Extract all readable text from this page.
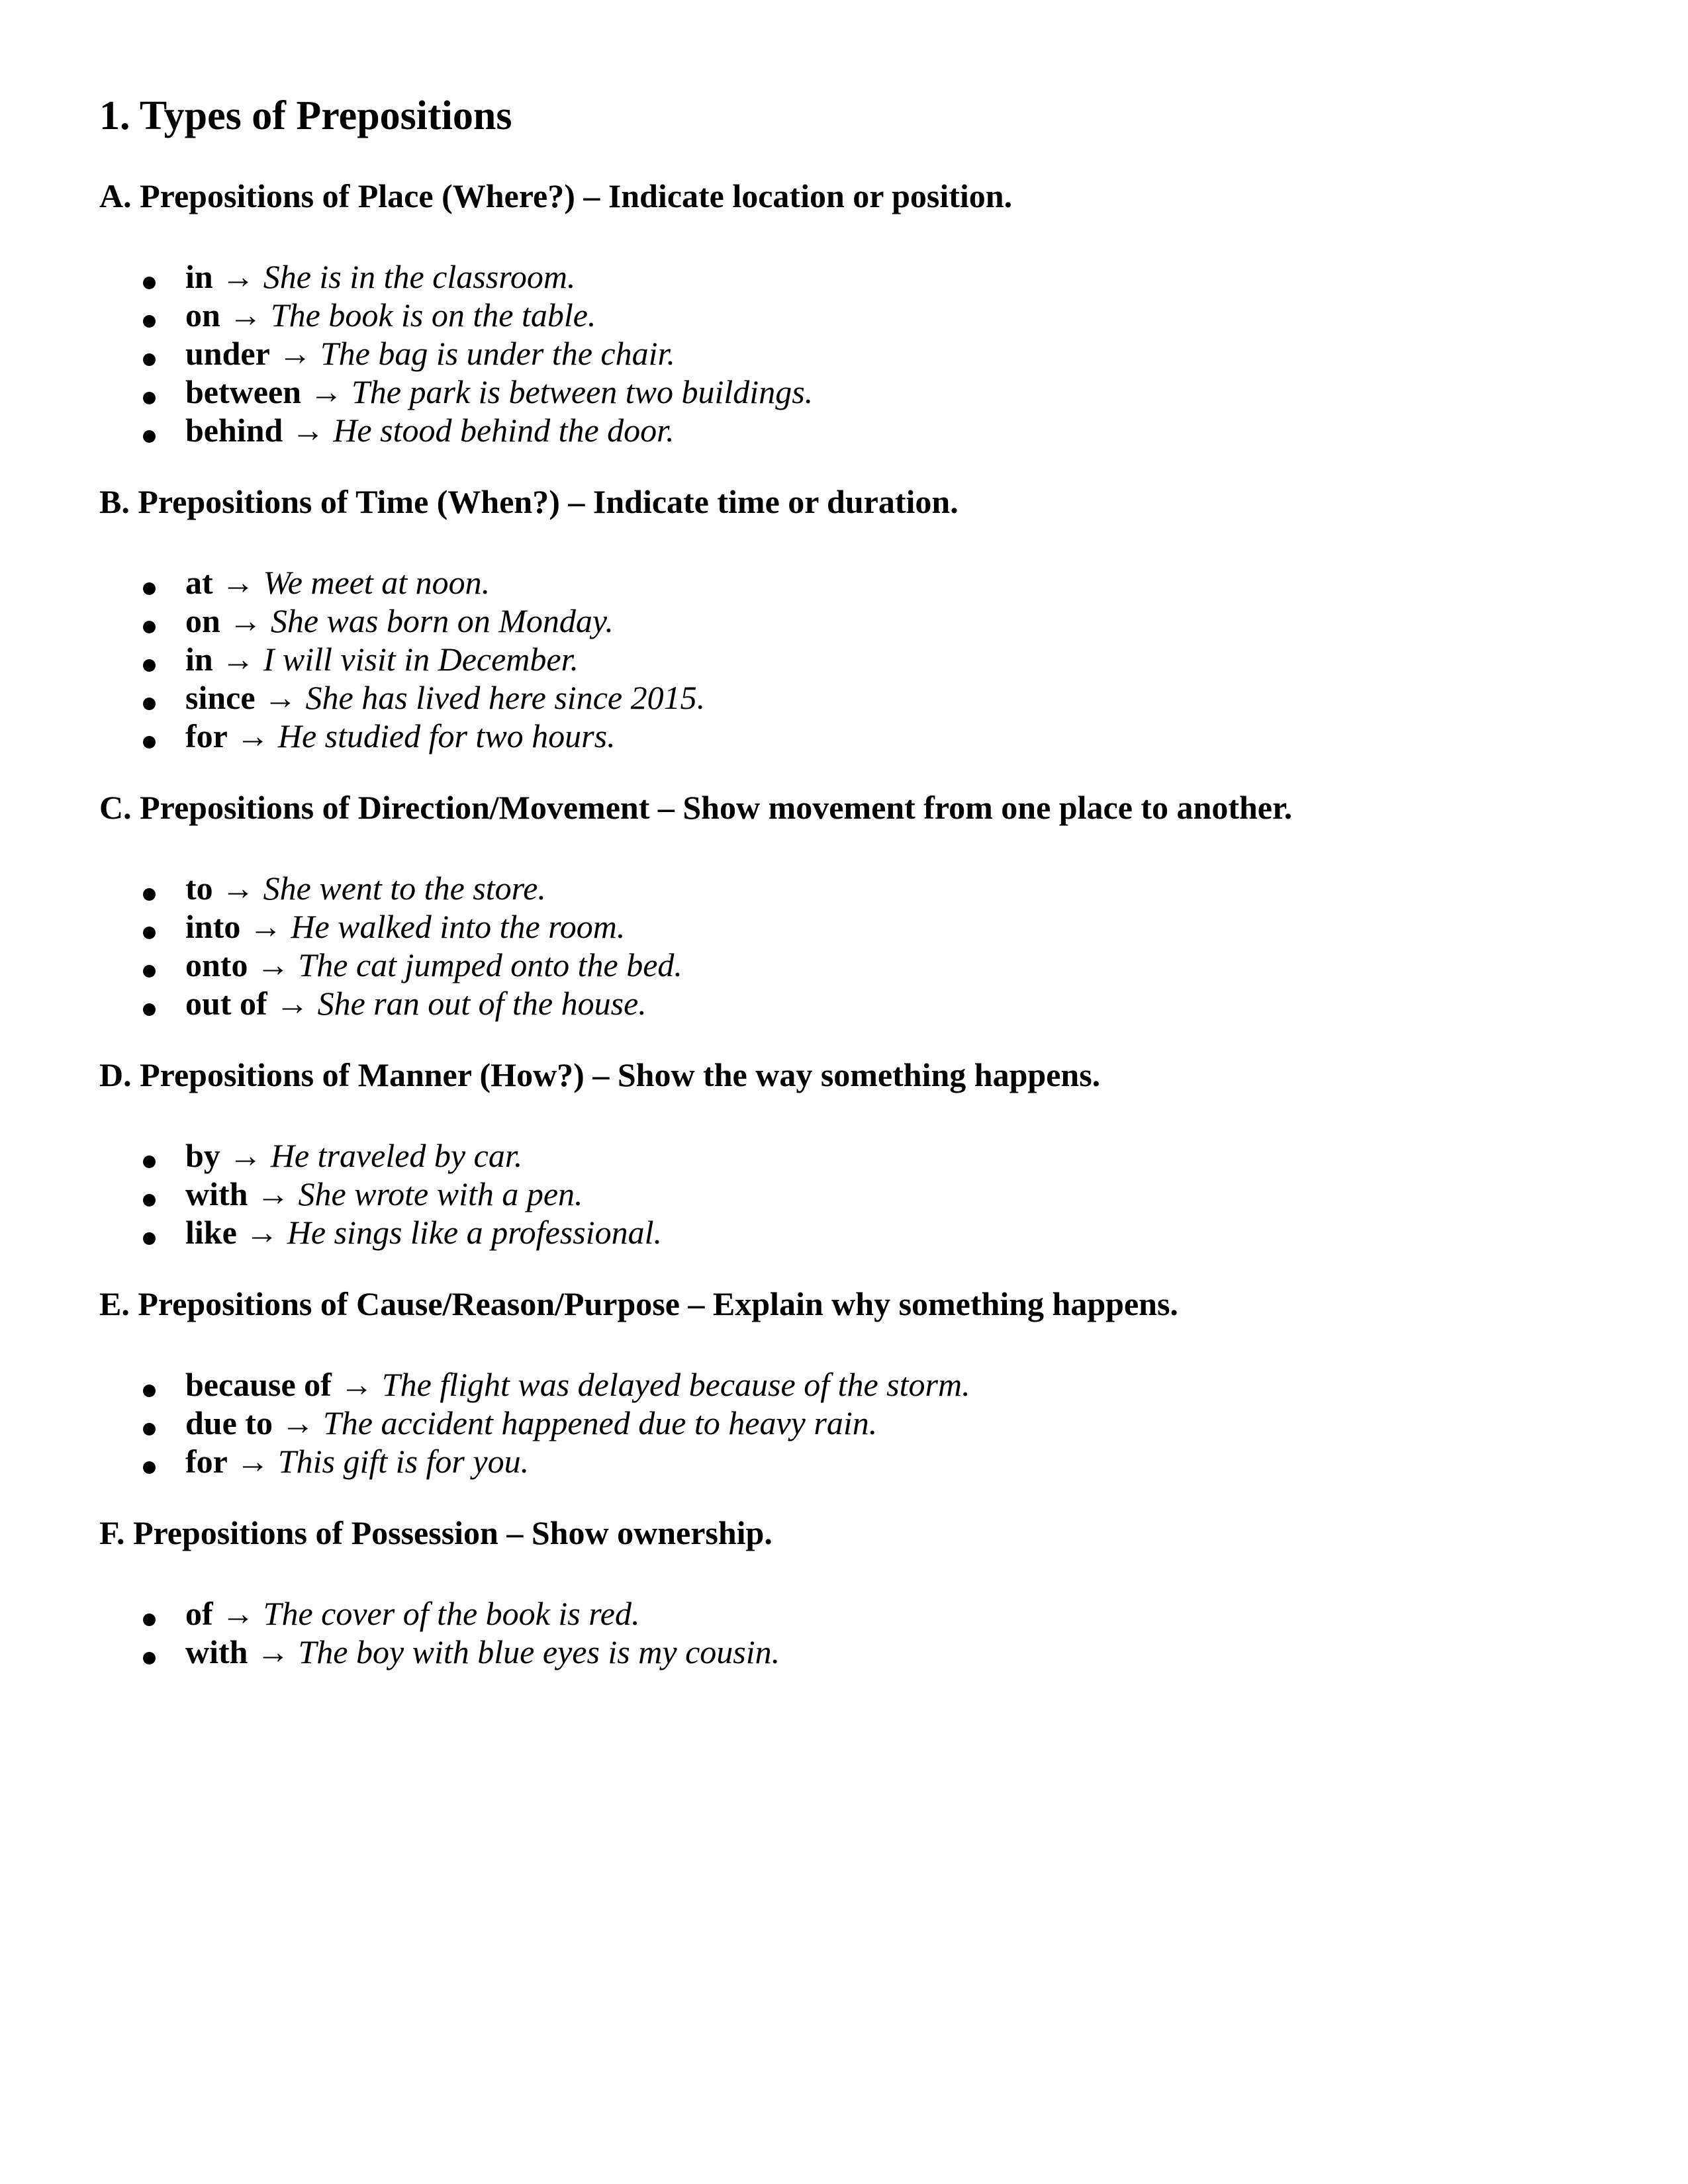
1. Types of Prepositions
A. Prepositions of Place (Where?) – Indicate location or position.
in → She is in the classroom.
on → The book is on the table.
under → The bag is under the chair.
between → The park is between two buildings.
behind → He stood behind the door.
B. Prepositions of Time (When?) – Indicate time or duration.
at → We meet at noon.
on → She was born on Monday.
in → I will visit in December.
since → She has lived here since 2015.
for → He studied for two hours.
C. Prepositions of Direction/Movement – Show movement from one place to another.
to → She went to the store.
into → He walked into the room.
onto → The cat jumped onto the bed.
out of → She ran out of the house.
D. Prepositions of Manner (How?) – Show the way something happens.
by → He traveled by car.
with → She wrote with a pen.
like → He sings like a professional.
E. Prepositions of Cause/Reason/Purpose – Explain why something happens.
because of → The flight was delayed because of the storm.
due to → The accident happened due to heavy rain.
for → This gift is for you.
F. Prepositions of Possession – Show ownership.
of → The cover of the book is red.
with → The boy with blue eyes is my cousin.
